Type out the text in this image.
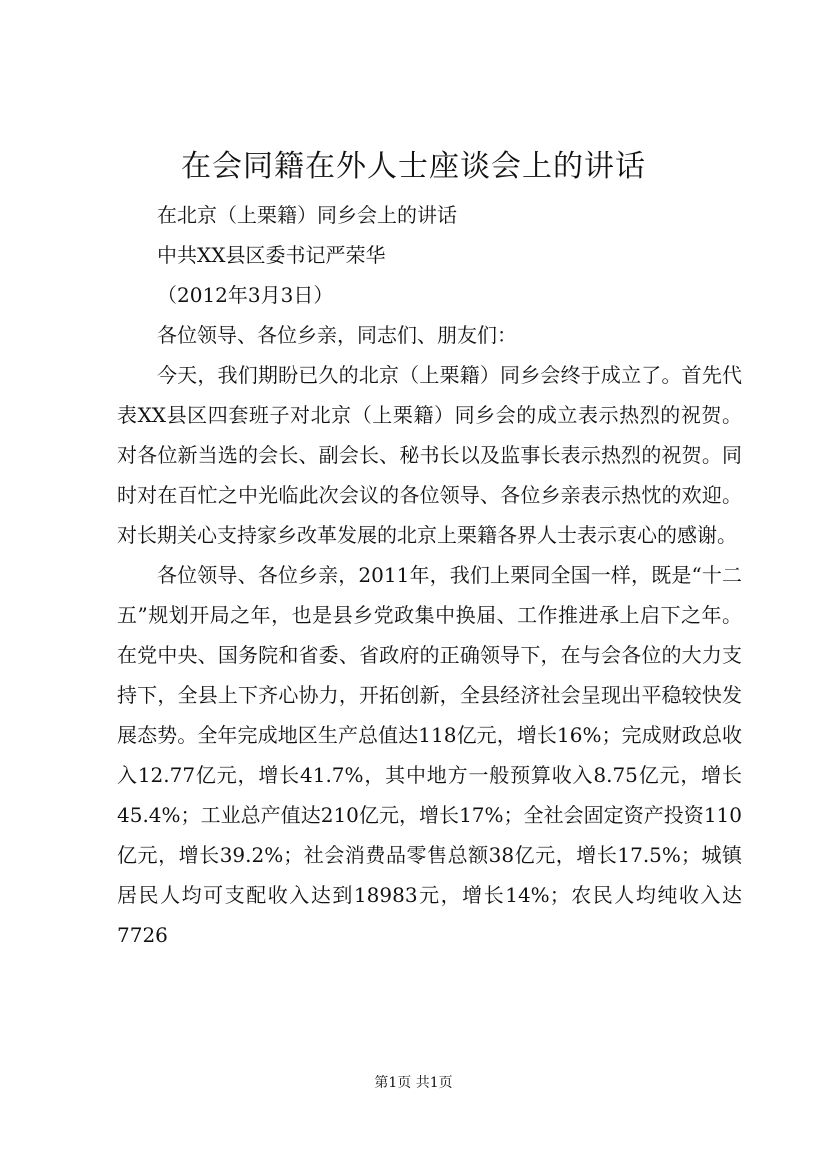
在会同籍在外人士座谈会上的讲话

在北京（上栗籍）同乡会上的讲话

中共XX县区委书记严荣华

（2012年3月3日）

各位领导、各位乡亲，同志们、朋友们：

今天，我们期盼已久的北京（上栗籍）同乡会终于成立了。首先代表XX县区四套班子对北京（上栗籍）同乡会的成立表示热烈的祝贺。对各位新当选的会长、副会长、秘书长以及监事长表示热烈的祝贺。同时对在百忙之中光临此次会议的各位领导、各位乡亲表示热忱的欢迎。对长期关心支持家乡改革发展的北京上栗籍各界人士表示衷心的感谢。

各位领导、各位乡亲，2011年，我们上栗同全国一样，既是“十二五”规划开局之年，也是县乡党政集中换届、工作推进承上启下之年。在党中央、国务院和省委、省政府的正确领导下，在与会各位的大力支持下，全县上下齐心协力，开拓创新，全县经济社会呈现出平稳较快发展态势。全年完成地区生产总值达118亿元，增长16%；完成财政总收入12.77亿元，增长41.7%，其中地方一般预算收入8.75亿元，增长45.4%；工业总产值达210亿元，增长17%；全社会固定资产投资110亿元，增长39.2%；社会消费品零售总额38亿元，增长17.5%；城镇居民人均可支配收入达到18983元，增长14%；农民人均纯收入达7726

第1页 共1页
